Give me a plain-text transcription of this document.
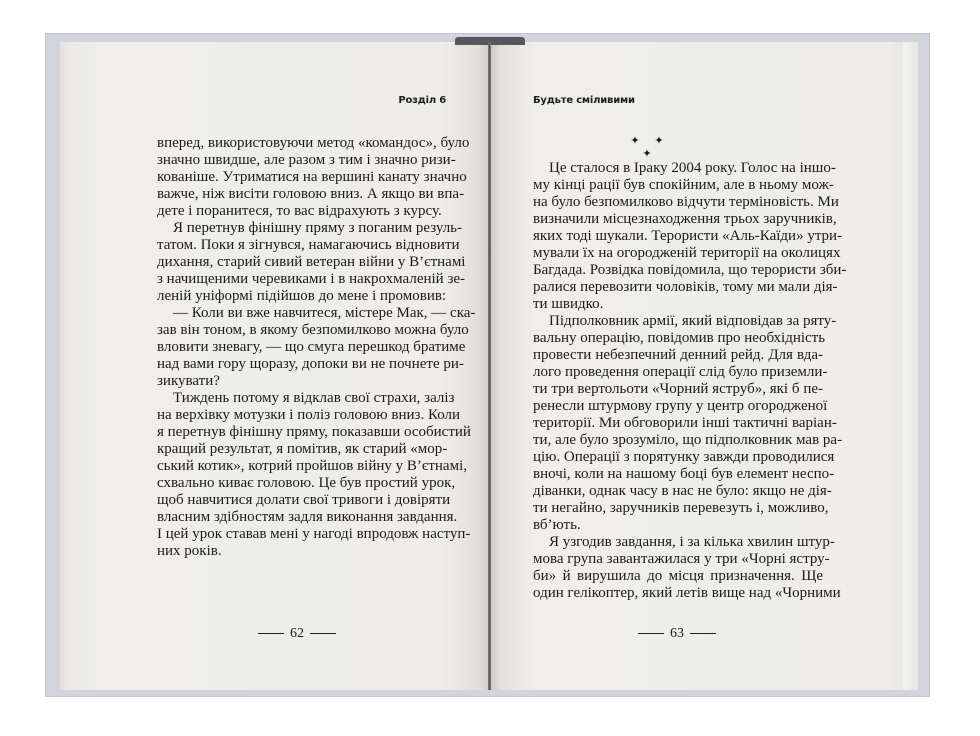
Розділ 6	Будьте сміливими
вперед, використовуючи метод «командос», було
значно швидше, але разом з тим і значно ризи-
кованіше. Утриматися на вершині канату значно
важче, ніж висіти головою вниз. А якщо ви впа-
дете і поранитеся, то вас відрахують з курсу.
Я перетнув фінішну пряму з поганим резуль-
татом. Поки я зігнувся, намагаючись відновити
дихання, старий сивий ветеран війни у В’єтнамі
з начищеними черевиками і в накрохмаленій зе-
леній уніформі підійшов до мене і промовив:
— Коли ви вже навчитеся, містере Мак, — ска-
зав він тоном, в якому безпомилково можна було
вловити зневагу, — що смуга перешкод братиме
над вами гору щоразу, допоки ви не почнете ри-
зикувати?
Тиждень потому я відклав свої страхи, заліз
на верхівку мотузки і поліз головою вниз. Коли
я перетнув фінішну пряму, показавши особистий
кращий результат, я помітив, як старий «мор-
ський котик», котрий пройшов війну у В’єтнамі,
схвально киває головою. Це був простий урок,
щоб навчитися долати свої тривоги і довіряти
власним здібностям задля виконання завдання.
І цей урок ставав мені у нагоді впродовж наступ-
них років.
✦ ✦ ✦
Це сталося в Іраку 2004 року. Голос на іншо-
му кінці рації був спокійним, але в ньому мож-
на було безпомилково відчути терміновість. Ми
визначили місцезнаходження трьох заручників,
яких тоді шукали. Терористи «Аль-Каїди» утри-
мували їх на огородженій території на околицях
Багдада. Розвідка повідомила, що терористи зби-
ралися перевозити чоловіків, тому ми мали дія-
ти швидко.
Підполковник армії, який відповідав за ряту-
вальну операцію, повідомив про необхідність
провести небезпечний денний рейд. Для вда-
лого проведення операції слід було приземли-
ти три вертольоти «Чорний яструб», які б пе-
ренесли штурмову групу у центр огородженої
території. Ми обговорили інші тактичні варіан-
ти, але було зрозуміло, що підполковник мав ра-
цію. Операції з порятунку завжди проводилися
вночі, коли на нашому боці був елемент неспо-
діванки, однак часу в нас не було: якщо не дія-
ти негайно, заручників перевезуть і, можливо,
вб’ють.
Я узгодив завдання, і за кілька хвилин штур-
мова група завантажилася у три «Чорні ястру-
би» й вирушила до місця призначення. Ще
один гелікоптер, який летів вище над «Чорними
62	63
